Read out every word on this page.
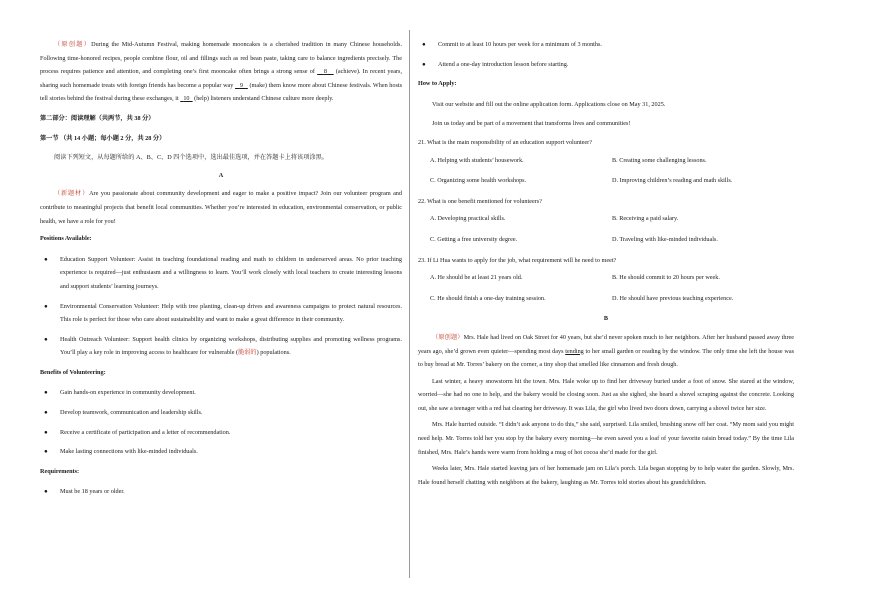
（原创题）During the Mid-Autumn Festival, making homemade mooncakes is a cherished tradition in many Chinese households. Following time-honored recipes, people combine flour, oil and fillings such as red bean paste, taking care to balance ingredients precisely. The process requires patience and attention, and completing one’s first mooncake often brings a strong sense of 8 (achieve). In recent years, sharing such homemade treats with foreign friends has become a popular way 9 (make) them know more about Chinese festivals. When hosts tell stories behind the festival during these exchanges, it 10 (help) listeners understand Chinese culture more deeply.

第二部分：阅读理解（共两节，共 38 分）

第一节 （共 14 小题；每小题 2 分，共 28 分）

阅读下列短文，从每题所给的 A、B、C、D 四个选项中，选出最佳选项，并在答题卡上将该项涂黑。

A

（新题材）Are you passionate about community development and eager to make a positive impact? Join our volunteer program and contribute to meaningful projects that benefit local communities. Whether you’re interested in education, environmental conservation, or public health, we have a role for you!

Positions Available:

● Education Support Volunteer: Assist in teaching foundational reading and math to children in underserved areas. No prior teaching experience is required—just enthusiasm and a willingness to learn. You’ll work closely with local teachers to create interesting lessons and support students’ learning journeys.
● Environmental Conservation Volunteer: Help with tree planting, clean-up drives and awareness campaigns to protect natural resources. This role is perfect for those who care about sustainability and want to make a great difference in their community.
● Health Outreach Volunteer: Support health clinics by organizing workshops, distributing supplies and promoting wellness programs. You’ll play a key role in improving access to healthcare for vulnerable (脆弱的) populations.

Benefits of Volunteering:

● Gain hands-on experience in community development.
● Develop teamwork, communication and leadership skills.
● Receive a certificate of participation and a letter of recommendation.
● Make lasting connections with like-minded individuals.

Requirements:

● Must be 18 years or older.
● Commit to at least 10 hours per week for a minimum of 3 months.
● Attend a one-day introduction lesson before starting.

How to Apply:

Visit our website and fill out the online application form. Applications close on May 31, 2025.

Join us today and be part of a movement that transforms lives and communities!

21. What is the main responsibility of an education support volunteer?

A. Helping with students’ housework.	B. Creating some challenging lessons.
C. Organizing some health workshops.	D. Improving children’s reading and math skills.

22. What is one benefit mentioned for volunteers?

A. Developing practical skills.	B. Receiving a paid salary.
C. Getting a free university degree.	D. Traveling with like-minded individuals.

23. If Li Hua wants to apply for the job, what requirement will he need to meet?

A. He should be at least 21 years old.	B. He should commit to 20 hours per week.
C. He should finish a one-day training session.	D. He should have previous teaching experience.

B

（原创题）Mrs. Hale had lived on Oak Street for 40 years, but she’d never spoken much to her neighbors. After her husband passed away three years ago, she’d grown even quieter—spending most days tending to her small garden or reading by the window. The only time she left the house was to buy bread at Mr. Torres’ bakery on the corner, a tiny shop that smelled like cinnamon and fresh dough.

Last winter, a heavy snowstorm hit the town. Mrs. Hale woke up to find her driveway buried under a foot of snow. She stared at the window, worried—she had no one to help, and the bakery would be closing soon. Just as she sighed, she heard a shovel scraping against the concrete. Looking out, she saw a teenager with a red hat clearing her driveway. It was Lila, the girl who lived two doors down, carrying a shovel twice her size.

Mrs. Hale hurried outside. “I didn’t ask anyone to do this,” she said, surprised. Lila smiled, brushing snow off her coat. “My mom said you might need help. Mr. Torres told her you stop by the bakery every morning—he even saved you a loaf of your favorite raisin bread today.” By the time Lila finished, Mrs. Hale’s hands were warm from holding a mug of hot cocoa she’d made for the girl.

Weeks later, Mrs. Hale started leaving jars of her homemade jam on Lila’s porch. Lila began stopping by to help water the garden. Slowly, Mrs. Hale found herself chatting with neighbors at the bakery, laughing as Mr. Torres told stories about his grandchildren.
